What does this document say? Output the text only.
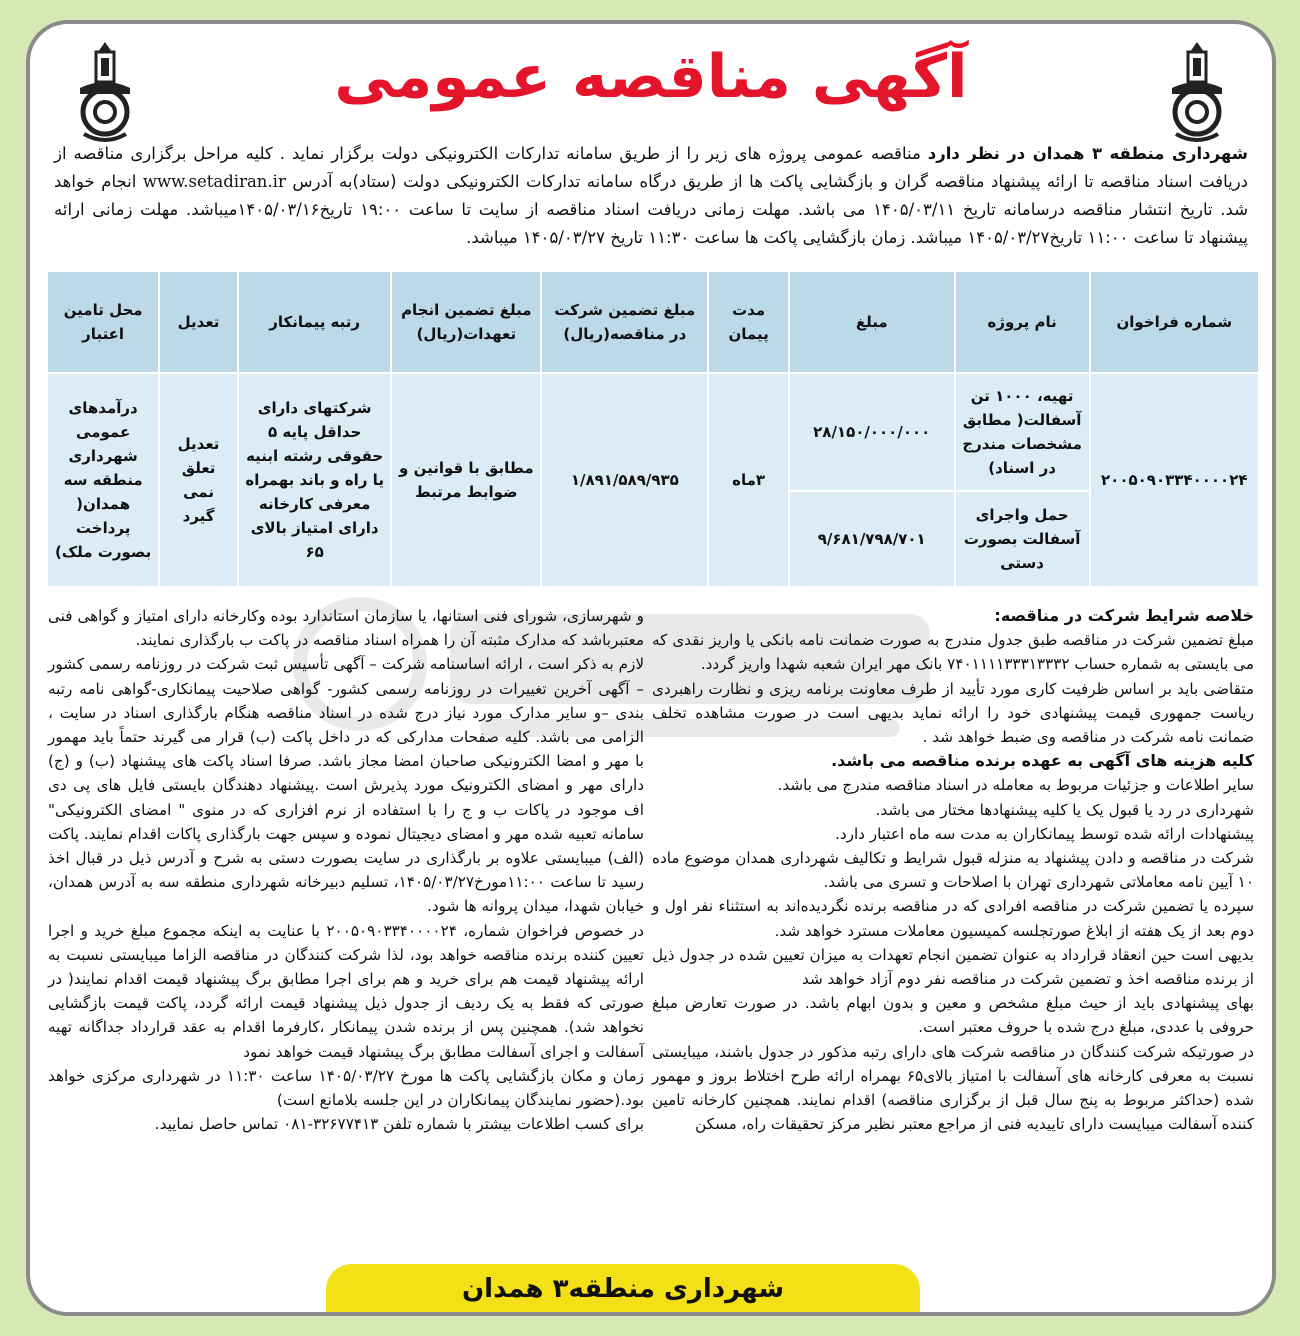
آگهی مناقصه عمومی
شهرداری منطقه ۳ همدان در نظر دارد مناقصه عمومی پروژه های زیر را از طریق سامانه تدارکات الکترونیکی دولت برگزار نماید . کلیه مراحل برگزاری مناقصه از دریافت اسناد مناقصه تا ارائه پیشنهاد مناقصه گران و بازگشایی پاکت ها از طریق درگاه سامانه تدارکات الکترونیکی دولت (ستاد)به آدرس www.setadiran.ir انجام خواهد شد. تاریخ انتشار مناقصه درسامانه تاریخ ۱۴۰۵/۰۳/۱۱ می باشد. مهلت زمانی دریافت اسناد مناقصه از سایت تا ساعت ۱۹:۰۰ تاریخ۱۴۰۵/۰۳/۱۶میباشد. مهلت زمانی ارائه پیشنهاد تا ساعت ۱۱:۰۰ تاریخ۱۴۰۵/۰۳/۲۷ میباشد. زمان بازگشایی پاکت ها ساعت ۱۱:۳۰ تاریخ ۱۴۰۵/۰۳/۲۷ میباشد.
شماره فراخوان	نام پروژه	مبلغ	مدت پیمان	مبلغ تضمین شرکت در مناقصه(ریال)	مبلغ تضمین انجام تعهدات(ریال)	رتبه پیمانکار	تعدیل	محل تامین اعتبار
۲۰۰۵۰۹۰۳۳۴۰۰۰۰۲۴	تهیه، ۱۰۰۰ تن آسفالت( مطابق مشخصات مندرج در اسناد)	۲۸/۱۵۰/۰۰۰/۰۰۰	۳ماه	۱/۸۹۱/۵۸۹/۹۳۵	مطابق با قوانین و ضوابط مرتبط	شرکتهای دارای حداقل پایه ۵ حقوقی رشته ابنیه یا راه و باند بهمراه معرفی کارخانه دارای امتیاز بالای ۶۵	تعدیل تعلق نمی گیرد	درآمدهای عمومی شهرداری منطقه سه همدان( پرداخت بصورت ملک)
	حمل واجرای آسفالت بصورت دستی	۹/۶۸۱/۷۹۸/۷۰۱						

خلاصه شرایط شرکت در مناقصه:

مبلغ تضمین شرکت در مناقصه طبق جدول مندرج به صورت ضمانت نامه بانکی یا واریز نقدی که می بایستی به شماره حساب ۷۴۰۱۱۱۱۳۳۳۱۳۳۳۲ بانک مهر ایران شعبه شهدا واریز گردد.

متقاضی باید بر اساس ظرفیت کاری مورد تأیید از طرف معاونت برنامه ریزی و نظارت راهبردی ریاست جمهوری قیمت پیشنهادی خود را ارائه نماید بدیهی است در صورت مشاهده تخلف ضمانت نامه شرکت در مناقصه وی ضبط خواهد شد .

کلیه هزینه های آگهی به عهده برنده مناقصه می باشد.

سایر اطلاعات و جزئیات مربوط به معامله در اسناد مناقصه مندرج می باشد.

شهرداری در رد یا قبول یک یا کلیه پیشنهادها مختار می باشد.

پیشنهادات ارائه شده توسط پیمانکاران به مدت سه ماه اعتبار دارد.

شرکت در مناقصه و دادن پیشنهاد به منزله قبول شرایط و تکالیف شهرداری همدان موضوع ماده ۱۰ آیین نامه معاملاتی شهرداری تهران با اصلاحات و تسری می باشد.

سپرده یا تضمین شرکت در مناقصه افرادی که در مناقصه برنده نگردیده‌اند به استثناء نفر اول و دوم بعد از یک هفته از ابلاغ صورتجلسه کمیسیون معاملات مسترد خواهد شد.

بدیهی است حین انعقاد قرارداد به عنوان تضمین انجام تعهدات به میزان تعیین شده در جدول ذیل از برنده مناقصه اخذ و تضمین شرکت در مناقصه نفر دوم آزاد خواهد شد

بهای پیشنهادی باید از حیث مبلغ مشخص و معین و بدون ابهام باشد. در صورت تعارض مبلغ حروفی با عددی، مبلغ درج شده با حروف معتبر است.

در صورتیکه شرکت کنندگان در مناقصه شرکت های دارای رتبه مذکور در جدول باشند، میبایستی نسبت به معرفی کارخانه های آسفالت با امتیاز بالای۶۵ بهمراه ارائه طرح اختلاط بروز و مهمور شده (حداکثر مربوط به پنج سال قبل از برگزاری مناقصه) اقدام نمایند. همچنین کارخانه تامین کننده آسفالت میبایست دارای تاییدیه فنی از مراجع معتبر نظیر مرکز تحقیقات راه، مسکن

و شهرسازی، شورای فنی استانها، یا سازمان استاندارد بوده وکارخانه دارای امتیاز و گواهی فنی معتبرباشد که مدارک مثبته آن را همراه اسناد مناقصه در پاکت ب بارگذاری نمایند.

لازم به ذکر است ، ارائه اساسنامه شرکت – آگهی تأسیس ثبت شرکت در روزنامه رسمی کشور – آگهی آخرین تغییرات در روزنامه رسمی کشور- گواهی صلاحیت پیمانکاری-گواهی نامه رتبه بندی –و سایر مدارک مورد نیاز درج شده در اسناد مناقصه هنگام بارگذاری اسناد در سایت ، الزامی می باشد. کلیه صفحات مدارکی که در داخل پاکت (ب) قرار می گیرند حتماً باید مهمور با مهر و امضا الکترونیکی صاحبان امضا مجاز باشد. صرفا اسناد پاکت های پیشنهاد (ب) و (ج) دارای مهر و امضای الکترونیک مورد پذیرش است .پیشنهاد دهندگان بایستی فایل های پی دی اف موجود در پاکات ب و ج را با استفاده از نرم افزاری که در منوی " امضای الکترونیکی" سامانه تعبیه شده مهر و امضای دیجیتال نموده و سپس جهت بارگذاری پاکات اقدام نمایند. پاکت (الف) میبایستی علاوه بر بارگذاری در سایت بصورت دستی به شرح و آدرس ذیل در قبال اخذ رسید تا ساعت ۱۱:۰۰مورخ۱۴۰۵/۰۳/۲۷، تسلیم دبیرخانه شهرداری منطقه سه به آدرس همدان، خیابان شهدا، میدان پروانه ها شود.

در خصوص فراخوان شماره، ۲۰۰۵۰۹۰۳۳۴۰۰۰۰۲۴ با عنایت به اینکه مجموع مبلغ خرید و اجرا تعیین کننده برنده مناقصه خواهد بود، لذا شرکت کنندگان در مناقصه الزاما میبایستی نسبت به ارائه پیشنهاد قیمت هم برای خرید و هم برای اجرا مطابق برگ پیشنهاد قیمت اقدام نمایند( در صورتی که فقط به یک ردیف از جدول ذیل پیشنهاد قیمت ارائه گردد، پاکت قیمت بازگشایی نخواهد شد). همچنین پس از برنده شدن پیمانکار ،کارفرما اقدام به عقد قرارداد جداگانه تهیه آسفالت و اجرای آسفالت مطابق برگ پیشنهاد قیمت خواهد نمود

زمان و مکان بازگشایی پاکت ها مورخ ۱۴۰۵/۰۳/۲۷ ساعت ۱۱:۳۰ در شهرداری مرکزی خواهد بود.(حضور نمایندگان پیمانکاران در این جلسه بلامانع است)

برای کسب اطلاعات بیشتر با شماره تلفن ۳۲۶۷۷۴۱۳-۰۸۱ تماس حاصل نمایید.

شهرداری منطقه۳ همدان
